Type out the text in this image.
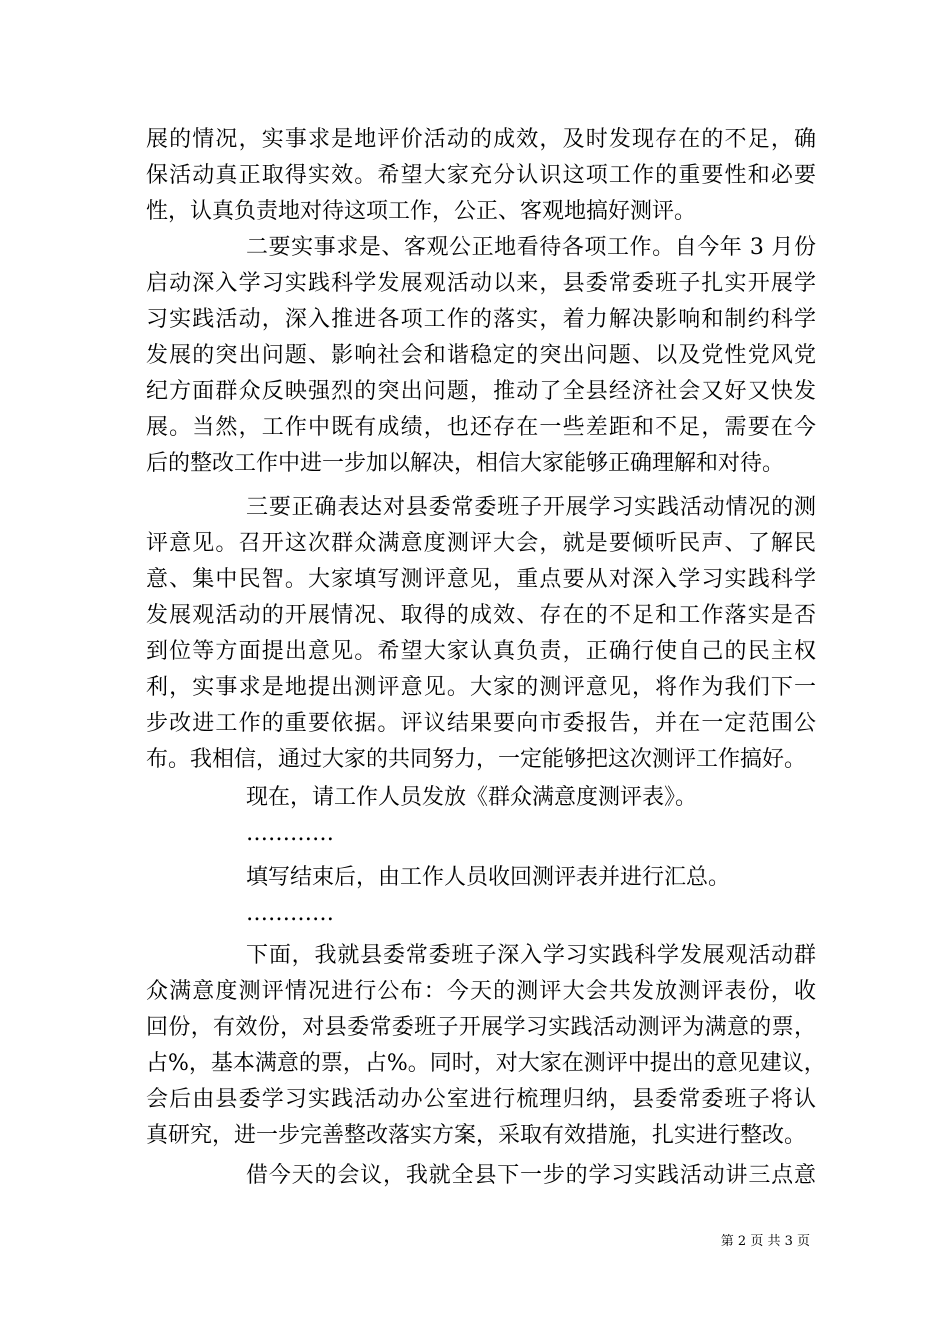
展的情况，实事求是地评价活动的成效，及时发现存在的不足，确
保活动真正取得实效。希望大家充分认识这项工作的重要性和必要
性，认真负责地对待这项工作，公正、客观地搞好测评。
二要实事求是、客观公正地看待各项工作。自今年 3 月份
启动深入学习实践科学发展观活动以来，县委常委班子扎实开展学
习实践活动，深入推进各项工作的落实，着力解决影响和制约科学
发展的突出问题、影响社会和谐稳定的突出问题、以及党性党风党
纪方面群众反映强烈的突出问题，推动了全县经济社会又好又快发
展。当然，工作中既有成绩，也还存在一些差距和不足，需要在今
后的整改工作中进一步加以解决，相信大家能够正确理解和对待。
三要正确表达对县委常委班子开展学习实践活动情况的测
评意见。召开这次群众满意度测评大会，就是要倾听民声、了解民
意、集中民智。大家填写测评意见，重点要从对深入学习实践科学
发展观活动的开展情况、取得的成效、存在的不足和工作落实是否
到位等方面提出意见。希望大家认真负责，正确行使自己的民主权
利，实事求是地提出测评意见。大家的测评意见，将作为我们下一
步改进工作的重要依据。评议结果要向市委报告，并在一定范围公
布。我相信，通过大家的共同努力，一定能够把这次测评工作搞好。
现在，请工作人员发放《群众满意度测评表》。
…………
填写结束后，由工作人员收回测评表并进行汇总。
…………
下面，我就县委常委班子深入学习实践科学发展观活动群
众满意度测评情况进行公布：今天的测评大会共发放测评表份，收
回份，有效份，对县委常委班子开展学习实践活动测评为满意的票，
占%，基本满意的票，占%。同时，对大家在测评中提出的意见建议，
会后由县委学习实践活动办公室进行梳理归纳，县委常委班子将认
真研究，进一步完善整改落实方案，采取有效措施，扎实进行整改。
借今天的会议，我就全县下一步的学习实践活动讲三点意
第 2 页 共 3 页
